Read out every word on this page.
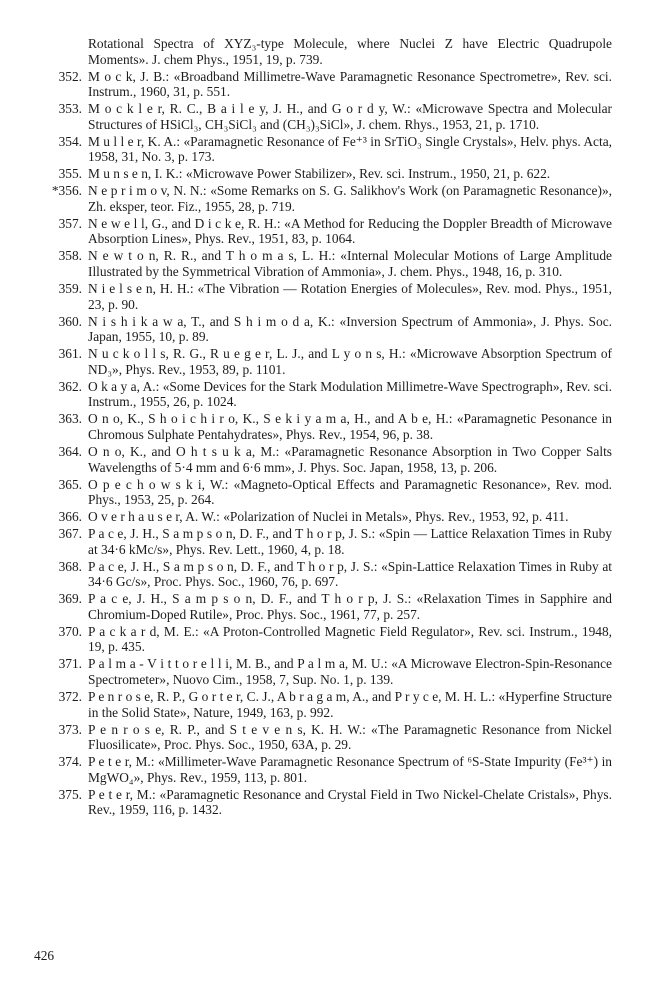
Rotational Spectra of XYZ₃-type Molecule, where Nuclei Z have Electric Quadrupole Moments». J. chem Phys., 1951, 19, p. 739.
352. M o c k, J. B.: «Broadband Millimetre-Wave Paramagnetic Resonance Spectrometre», Rev. sci. Instrum., 1960, 31, p. 551.
353. M o c k l e r, R. C., B a i l e y, J. H., and G o r d y, W.: «Microwave Spectra and Molecular Structures of HSiCl₃, CH₃SiCl₃ and (CH₃)₃SiCl», J. chem. Rhys., 1953, 21, p. 1710.
354. M u l l e r, K. A.: «Paramagnetic Resonance of Fe⁺³ in SrTiO₃ Single Crystals», Helv. phys. Acta, 1958, 31, No. 3, p. 173.
355. M u n s e n, I. K.: «Microwave Power Stabilizer», Rev. sci. Instrum., 1950, 21, p. 622.
*356. N e p r i m o v, N. N.: «Some Remarks on S. G. Salikhov's Work (on Paramagnetic Resonance)», Zh. eksper, teor. Fiz., 1955, 28, p. 719.
357. N e w e l l, G., and D i c k e, R. H.: «A Method for Reducing the Doppler Breadth of Microwave Absorption Lines», Phys. Rev., 1951, 83, p. 1064.
358. N e w t o n, R. R., and T h o m a s, L. H.: «Internal Molecular Motions of Large Amplitude Illustrated by the Symmetrical Vibration of Ammonia», J. chem. Phys., 1948, 16, p. 310.
359. N i e l s e n, H. H.: «The Vibration — Rotation Energies of Molecules», Rev. mod. Phys., 1951, 23, p. 90.
360. N i s h i k a w a, T., and S h i m o d a, K.: «Inversion Spectrum of Ammonia», J. Phys. Soc. Japan, 1955, 10, p. 89.
361. N u c k o l l s, R. G., R u e g e r, L. J., and L y o n s, H.: «Microwave Absorption Spectrum of ND₃», Phys. Rev., 1953, 89, p. 1101.
362. O k a y a, A.: «Some Devices for the Stark Modulation Millimetre-Wave Spectrograph», Rev. sci. Instrum., 1955, 26, p. 1024.
363. O n o, K., S h o i c h i r o, K., S e k i y a m a, H., and A b e, H.: «Paramagnetic Pesonance in Chromous Sulphate Pentahydrates», Phys. Rev., 1954, 96, p. 38.
364. O n o, K., and O h t s u k a, M.: «Paramagnetic Resonance Absorption in Two Copper Salts Wavelengths of 5·4 mm and 6·6 mm», J. Phys. Soc. Japan, 1958, 13, p. 206.
365. O p e c h o w s k i, W.: «Magneto-Optical Effects and Paramagnetic Resonance», Rev. mod. Phys., 1953, 25, p. 264.
366. O v e r h a u s e r, A. W.: «Polarization of Nuclei in Metals», Phys. Rev., 1953, 92, p. 411.
367. P a c e, J. H., S a m p s o n, D. F., and T h o r p, J. S.: «Spin — Lattice Relaxation Times in Ruby at 34·6 kMc/s», Phys. Rev. Lett., 1960, 4, p. 18.
368. P a c e, J. H., S a m p s o n, D. F., and T h o r p, J. S.: «Spin-Lattice Relaxation Times in Ruby at 34·6 Gc/s», Proc. Phys. Soc., 1960, 76, p. 697.
369. P a c e, J. H., S a m p s o n, D. F., and T h o r p, J. S.: «Relaxation Times in Sapphire and Chromium-Doped Rutile», Proc. Phys. Soc., 1961, 77, p. 257.
370. P a c k a r d, M. E.: «A Proton-Controlled Magnetic Field Regulator», Rev. sci. Instrum., 1948, 19, p. 435.
371. P a l m a - V i t t o r e l l i, M. B., and P a l m a, M. U.: «A Microwave Electron-Spin-Resonance Spectrometer», Nuovo Cim., 1958, 7, Sup. No. 1, p. 139.
372. P e n r o s e, R. P., G o r t e r, C. J., A b r a g a m, A., and P r y c e, M. H. L.: «Hyperfine Structure in the Solid State», Nature, 1949, 163, p. 992.
373. P e n r o s e, R. P., and S t e v e n s, K. H. W.: «The Paramagnetic Resonance from Nickel Fluosilicate», Proc. Phys. Soc., 1950, 63A, p. 29.
374. P e t e r, M.: «Millimeter-Wave Paramagnetic Resonance Spectrum of ⁶S-State Impurity (Fe³⁺) in MgWO₄», Phys. Rev., 1959, 113, p. 801.
375. P e t e r, M.: «Paramagnetic Resonance and Crystal Field in Two Nickel-Chelate Cristals», Phys. Rev., 1959, 116, p. 1432.
426
